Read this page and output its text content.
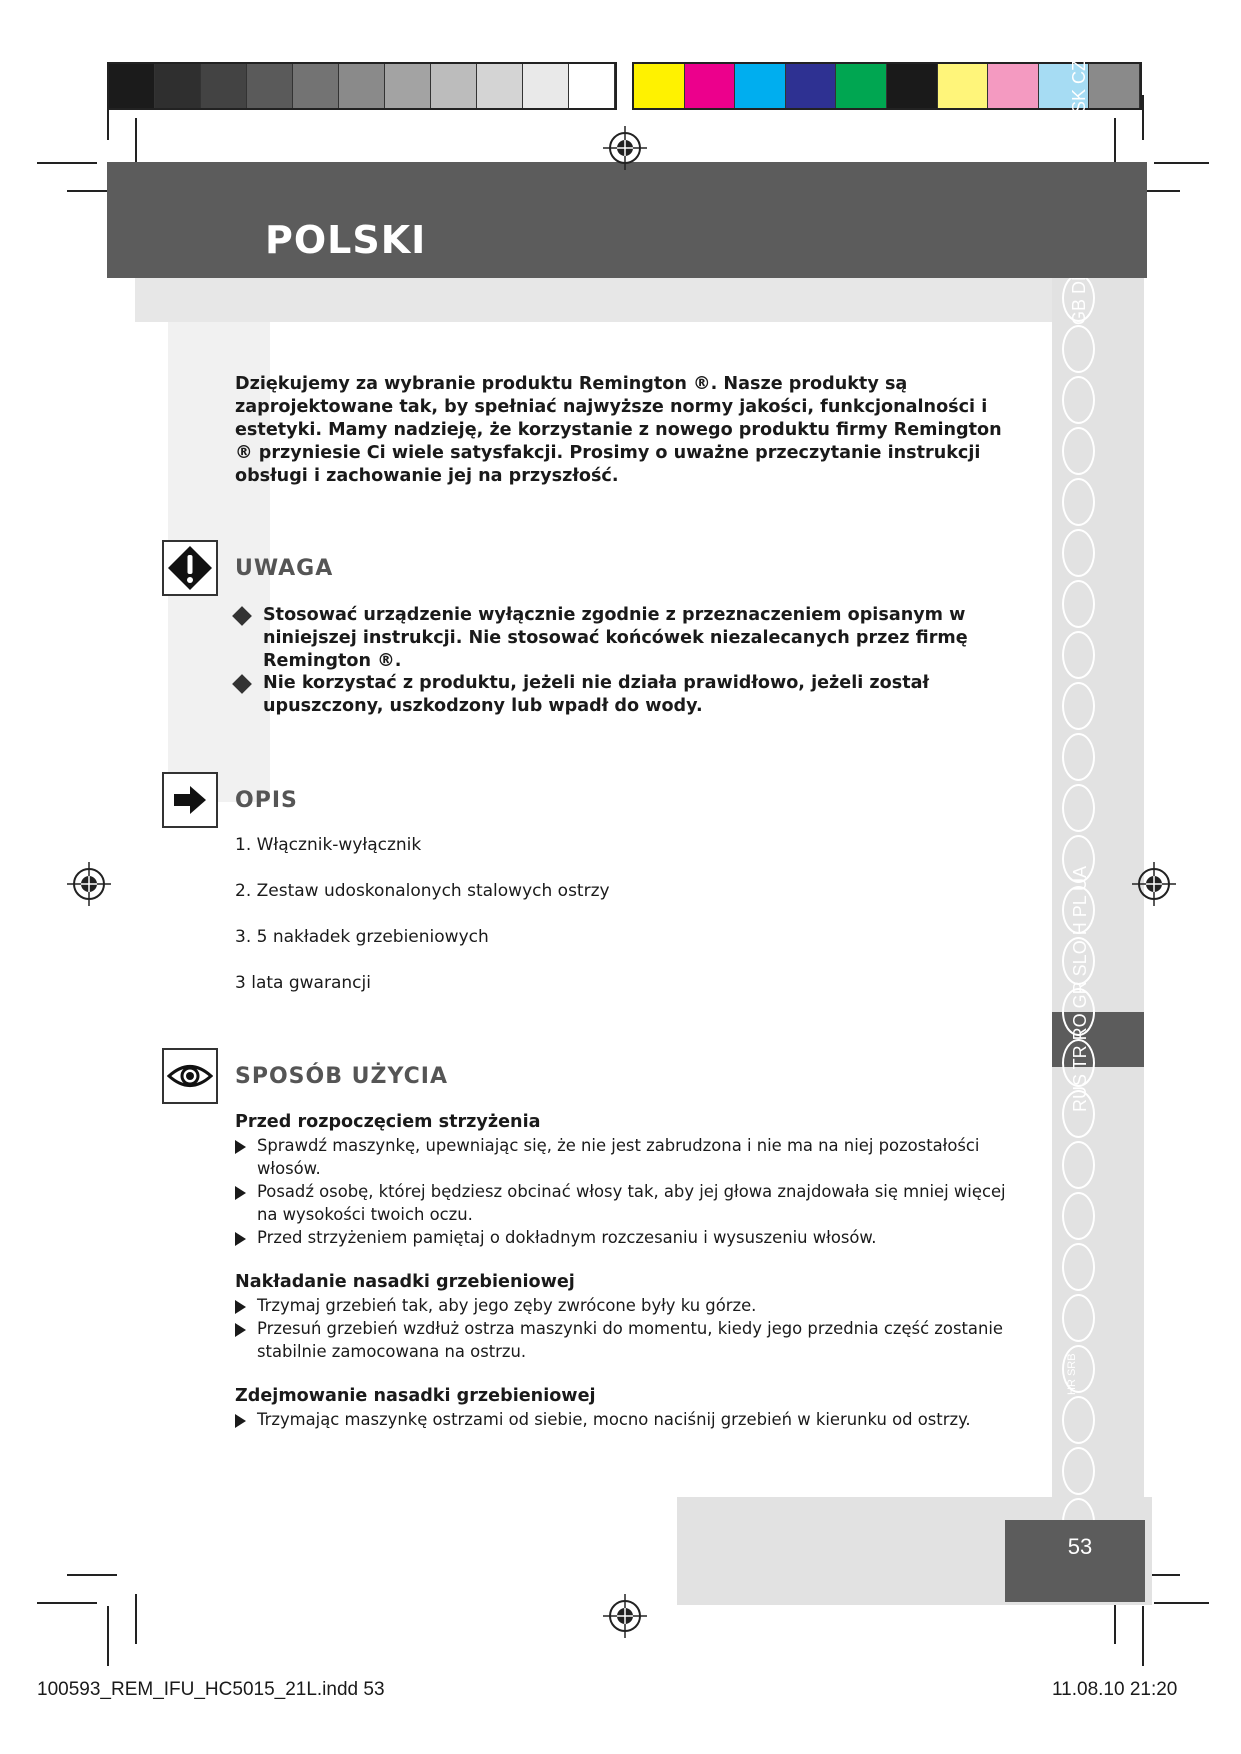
RUS TR RO GR SLO H PL UA
HR SRB
POLSKI
Dziękujemy za wybranie produktu Remington ®. Nasze produkty są zaprojektowane tak, by spełniać najwyższe normy jakości, funkcjonalności i estetyki. Mamy nadzieję, że korzystanie z nowego produktu firmy Remington ® przyniesie Ci wiele satysfakcji. Prosimy o uważne przeczytanie instrukcji obsługi i zachowanie jej na przyszłość.
UWAGA
Stosować urządzenie wyłącznie zgodnie z przeznaczeniem opisanym w niniejszej instrukcji. Nie stosować końcówek niezalecanych przez firmę Remington ®.
Nie korzystać z produktu, jeżeli nie działa prawidłowo, jeżeli został upuszczony, uszkodzony lub wpadł do wody.
OPIS
1. Włącznik-wyłącznik
2. Zestaw udoskonalonych stalowych ostrzy
3. 5 nakładek grzebieniowych
3 lata gwarancji
SPOSÓB UŻYCIA
Przed rozpoczęciem strzyżenia
Sprawdź maszynkę, upewniając się, że nie jest zabrudzona i nie ma na niej pozostałości włosów.
Posadź osobę, której będziesz obcinać włosy tak, aby jej głowa znajdowała się mniej więcej na wysokości twoich oczu.
Przed strzyżeniem pamiętaj o dokładnym rozczesaniu i wysuszeniu włosów.
Nakładanie nasadki grzebieniowej
Trzymaj grzebień tak, aby jego zęby zwrócone były ku górze.
Przesuń grzebień wzdłuż ostrza maszynki do momentu, kiedy jego przednia część zostanie stabilnie zamocowana na ostrzu.
Zdejmowanie nasadki grzebieniowej
Trzymając maszynkę ostrzami od siebie, mocno naciśnij grzebień w kierunku od ostrzy.
53
100593_REM_IFU_HC5015_21L.indd 53	11.08.10 21:20
